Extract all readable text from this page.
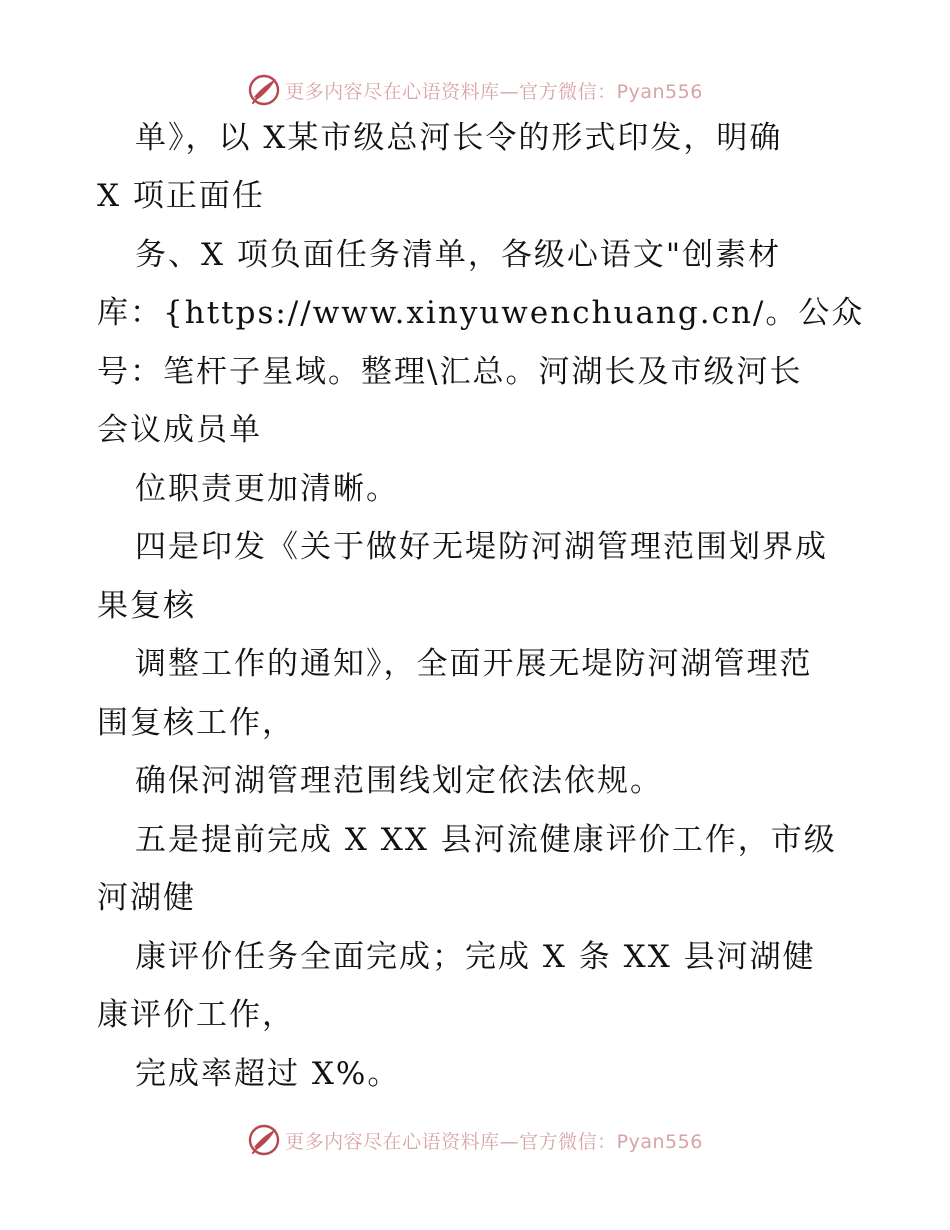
更多内容尽在心语资料库—官方微信：Pyan556
单》，以 X某市级总河长令的形式印发，明确
X 项正面任
务、X 项负面任务清单，各级心语文"创素材
库：{https://www.xinyuwenchuang.cn/。公众
号：笔杆子星域。整理\汇总。河湖长及市级河长
会议成员单
位职责更加清晰。
四是印发《关于做好无堤防河湖管理范围划界成
果复核
调整工作的通知》，全面开展无堤防河湖管理范
围复核工作，
确保河湖管理范围线划定依法依规。
五是提前完成 X XX 县河流健康评价工作，市级
河湖健
康评价任务全面完成；完成 X 条 XX 县河湖健
康评价工作，
完成率超过 X%。
更多内容尽在心语资料库—官方微信：Pyan556
